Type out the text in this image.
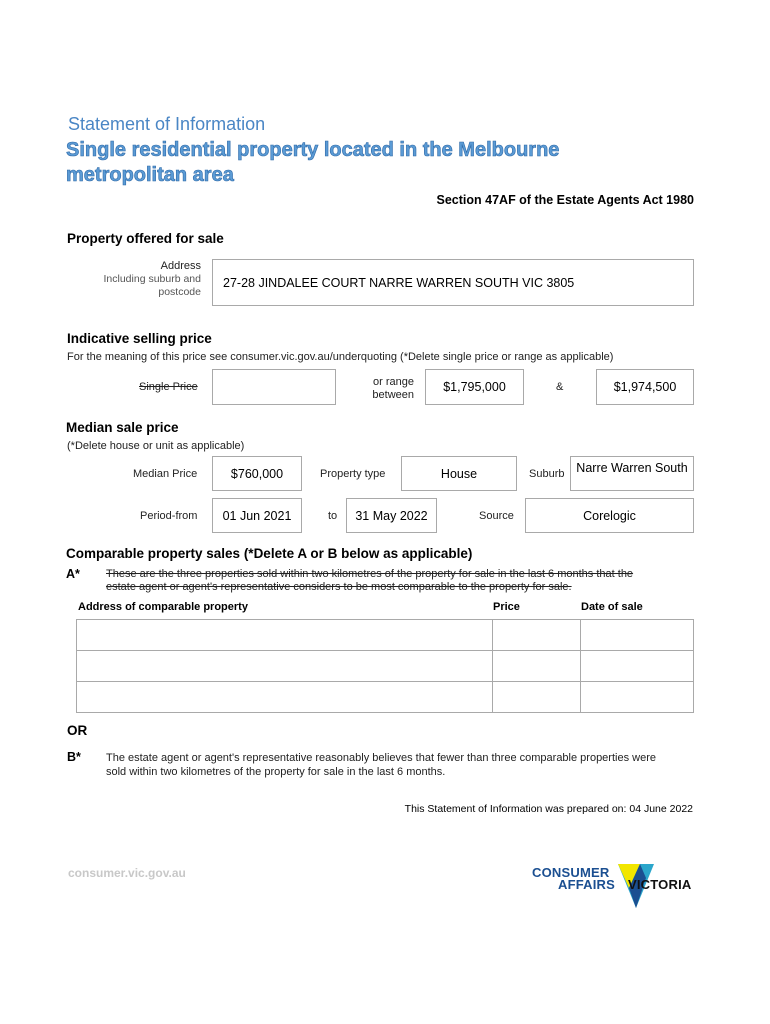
Statement of Information
Single residential property located in the Melbourne metropolitan area
Section 47AF of the Estate Agents Act 1980
Property offered for sale
Address
Including suburb and
postcode
27-28 JINDALEE COURT NARRE WARREN SOUTH VIC 3805
Indicative selling price
For the meaning of this price see consumer.vic.gov.au/underquoting (*Delete single price or range as applicable)
Single Price	or range
between
$1,795,000	&	$1,974,500
Median sale price
(*Delete house or unit as applicable)
Median Price	$760,000	Property type	House	Suburb Narre Warren South
Period-from 01 Jun 2021	to 31 May 2022	Source	Corelogic
Comparable property sales (*Delete A or B below as applicable)
A* These are the three properties sold within two kilometres of the property for sale in the last 6 months that the
estate agent or agent's representative considers to be most comparable to the property for sale.
Address of comparable property	Price	Date of sale

OR
B* The estate agent or agent's representative reasonably believes that fewer than three comparable properties were
sold within two kilometres of the property for sale in the last 6 months.
This Statement of Information was prepared on: 04 June 2022
consumer.vic.gov.au	CONSUMER
AFFAIRS VICTORIA
